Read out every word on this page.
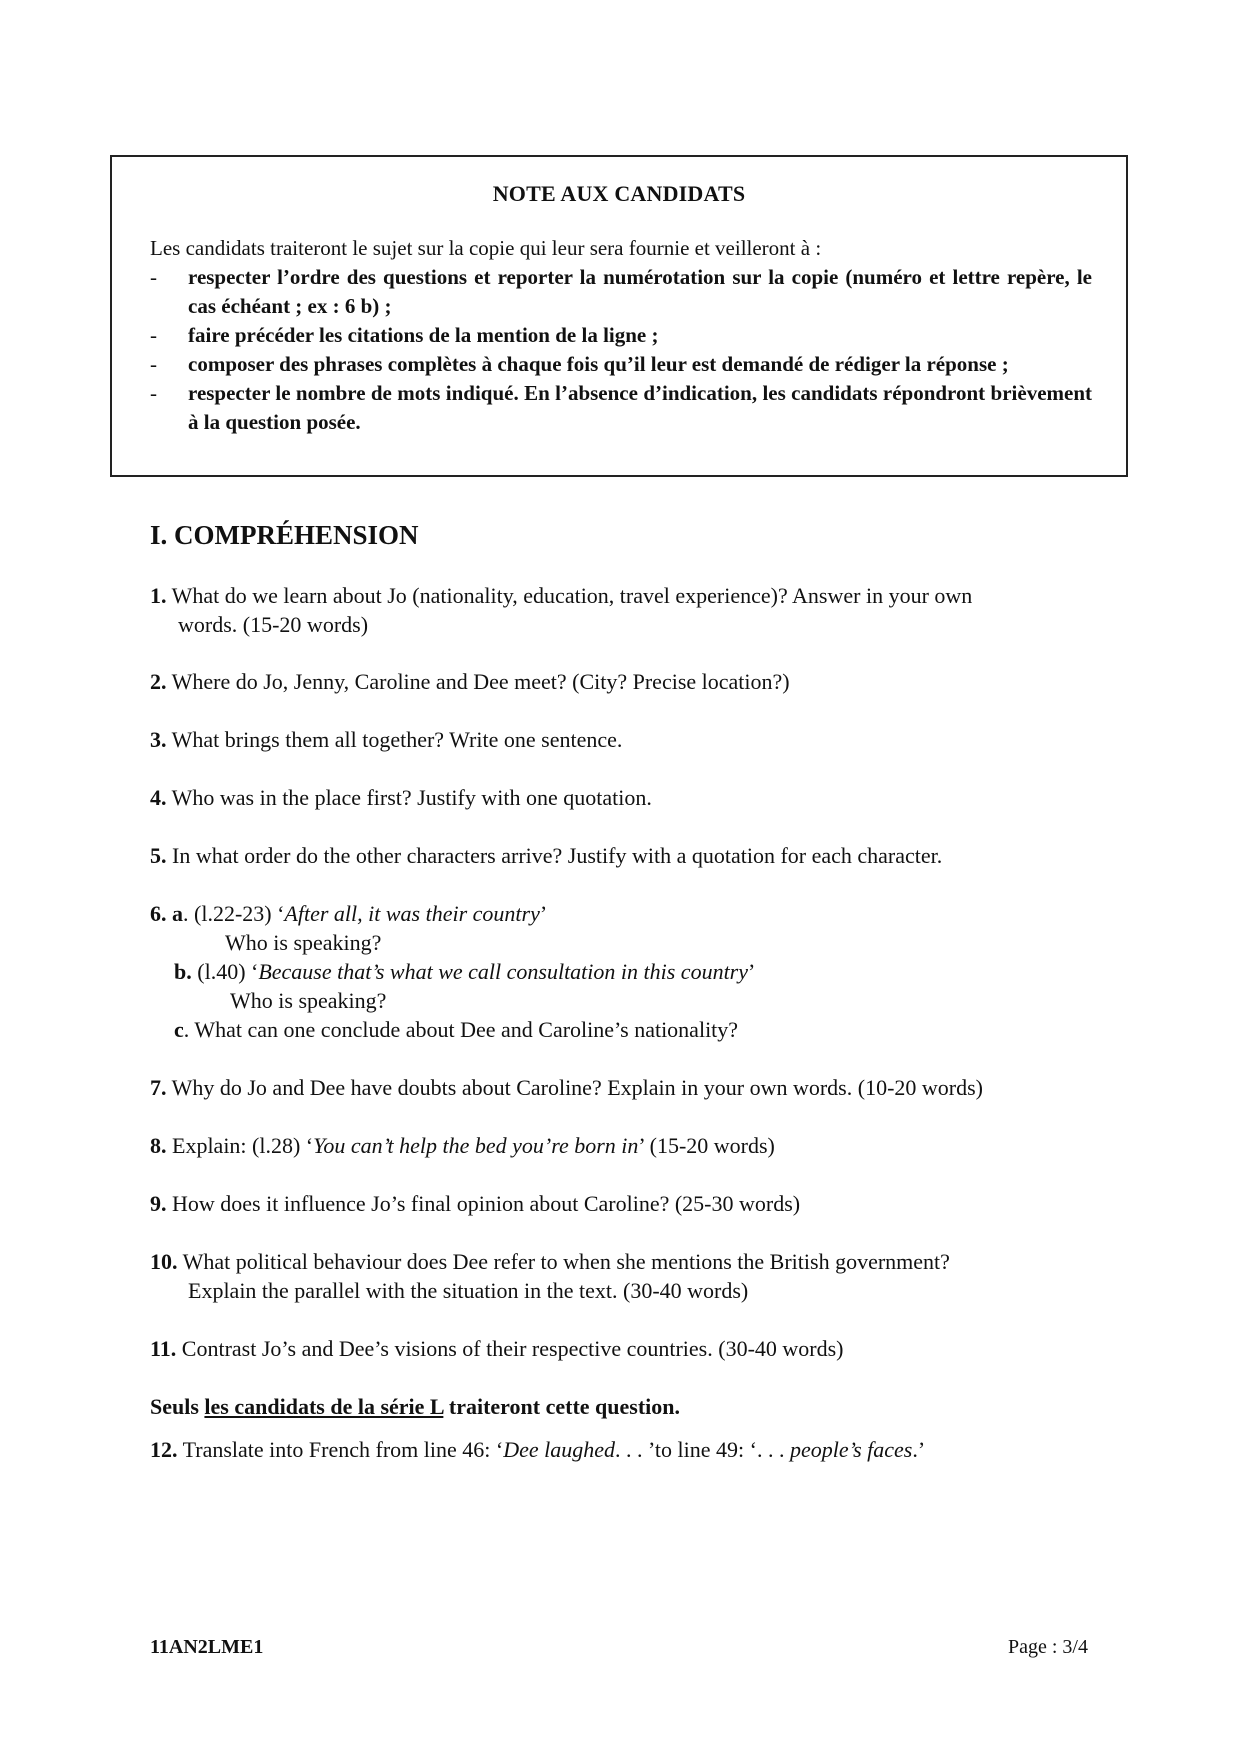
NOTE AUX CANDIDATS
Les candidats traiteront le sujet sur la copie qui leur sera fournie et veilleront à :
-	respecter l’ordre des questions et reporter la numérotation sur la copie (numéro et lettre repère, le cas échéant ; ex : 6 b) ;
-	faire précéder les citations de la mention de la ligne ;
-	composer des phrases complètes à chaque fois qu’il leur est demandé de rédiger la réponse ;
-	respecter le nombre de mots indiqué. En l’absence d’indication, les candidats répondront brièvement à la question posée.
I. COMPRÉHENSION
1. What do we learn about Jo (nationality, education, travel experience)? Answer in your own
words. (15-20 words)
2. Where do Jo, Jenny, Caroline and Dee meet? (City? Precise location?)
3. What brings them all together? Write one sentence.
4. Who was in the place first? Justify with one quotation.
5. In what order do the other characters arrive? Justify with a quotation for each character.
6. a. (l.22-23) ‘After all, it was their country’
Who is speaking?
b. (l.40) ‘Because that’s what we call consultation in this country’
Who is speaking?
c. What can one conclude about Dee and Caroline’s nationality?
7. Why do Jo and Dee have doubts about Caroline? Explain in your own words. (10-20 words)
8. Explain: (l.28) ‘You can’t help the bed you’re born in’ (15-20 words)
9. How does it influence Jo’s final opinion about Caroline? (25-30 words)
10. What political behaviour does Dee refer to when she mentions the British government?
Explain the parallel with the situation in the text. (30-40 words)
11. Contrast Jo’s and Dee’s visions of their respective countries. (30-40 words)
Seuls les candidats de la série L traiteront cette question.
12. Translate into French from line 46: ‘Dee laughed. . . ’to line 49: ‘. . . people’s faces.’
11AN2LME1	Page : 3/4
